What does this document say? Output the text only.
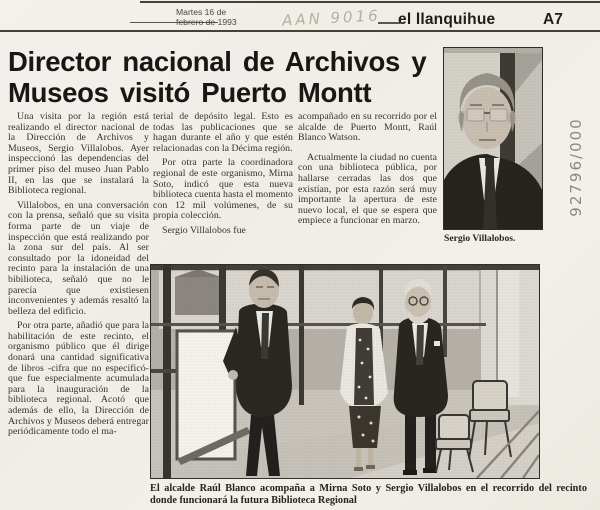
Martes 16 de
febrero de 1993	AAN 9016 el llanquihue	A7
92796/000
Director nacional de Archivos y Museos visitó Puerto Montt

Una visita por la región está realizando el director nacional de la Dirección de Archivos y Museos, Sergio Villalobos. Ayer inspeccionó las dependencias del primer piso del museo Juan Pablo II, en las que se instalará la Biblioteca regional.

Villalobos, en una conversación con la prensa, señaló que su visita forma parte de un viaje de inspección que está realizando por la zona sur del país. Al ser consultado por la idoneidad del recinto para la instalación de una bibilioteca, señaló que no le parecía que existiesen inconvenientes y además resaltó la belleza del edificio.

Por otra parte, añadió que para la habilitación de este recinto, el organismo público que él dirige donará una cantidad significativa de libros -cifra que no especificó- que fue especialmente acumulada para la inauguración de la biblioteca regional. Acotó que además de ello, la Dirección de Archivos y Museos deberá entregar periódicamente todo el ma-

terial de depósito legal. Esto es todas las publicaciones que se hagan durante el año y que estén relacionadas con la Décima región.

Por otra parte la coordinadora regional de este organismo, Mirna Soto, indicó que esta nueva biblioteca cuenta hasta el momento con 12 mil volúmenes, de su propia colección.

Sergio Villalobos fue

acompañado en su recorrido por el alcalde de Puerto Montt, Raúl Blanco Watson.

Actualmente la ciudad no cuenta con una biblioteca pública, por hallarse cerradas las dos que existían, por esta razón será muy importante la apertura de este nuevo local, el que se espera que empiece a funcionar en marzo.

Sergio Villalobos.
El alcalde Raúl Blanco acompaña a Mirna Soto y Sergio Villalobos en el recorrido del recinto donde funcionará la futura Biblioteca Regional
